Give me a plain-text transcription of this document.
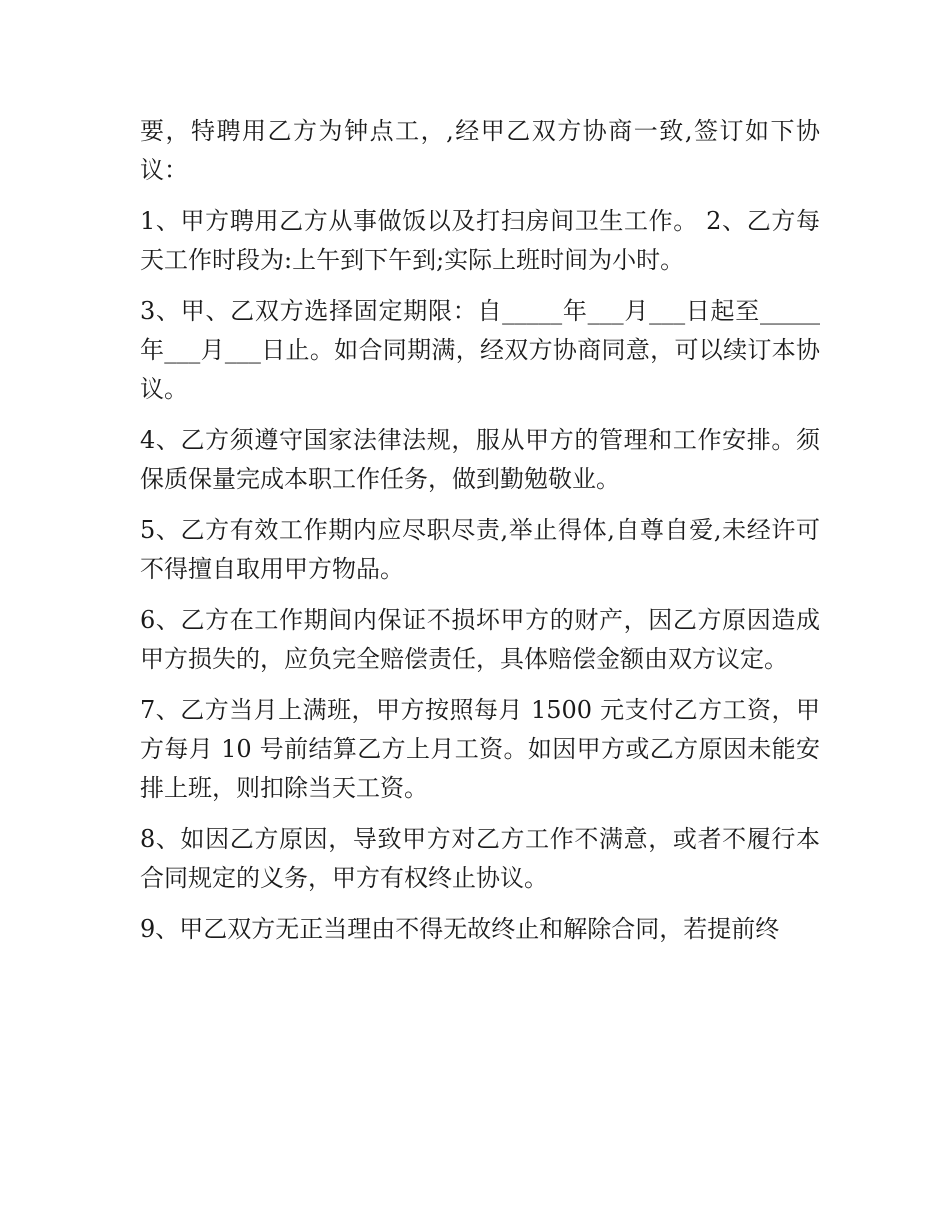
要，特聘用乙方为钟点工，,经甲乙双方协商一致,签订如下协议：

1、甲方聘用乙方从事做饭以及打扫房间卫生工作。 2、乙方每天工作时段为:上午到下午到;实际上班时间为小时。

3、甲、乙双方选择固定期限：自_____年___月___日起至_____年___月___日止。如合同期满，经双方协商同意，可以续订本协议。

4、乙方须遵守国家法律法规，服从甲方的管理和工作安排。须保质保量完成本职工作任务，做到勤勉敬业。

5、乙方有效工作期内应尽职尽责,举止得体,自尊自爱,未经许可不得擅自取用甲方物品。

6、乙方在工作期间内保证不损坏甲方的财产，因乙方原因造成甲方损失的，应负完全赔偿责任，具体赔偿金额由双方议定。

7、乙方当月上满班，甲方按照每月 1500 元支付乙方工资，甲方每月 10 号前结算乙方上月工资。如因甲方或乙方原因未能安排上班，则扣除当天工资。

8、如因乙方原因，导致甲方对乙方工作不满意，或者不履行本合同规定的义务，甲方有权终止协议。

9、甲乙双方无正当理由不得无故终止和解除合同，若提前终
